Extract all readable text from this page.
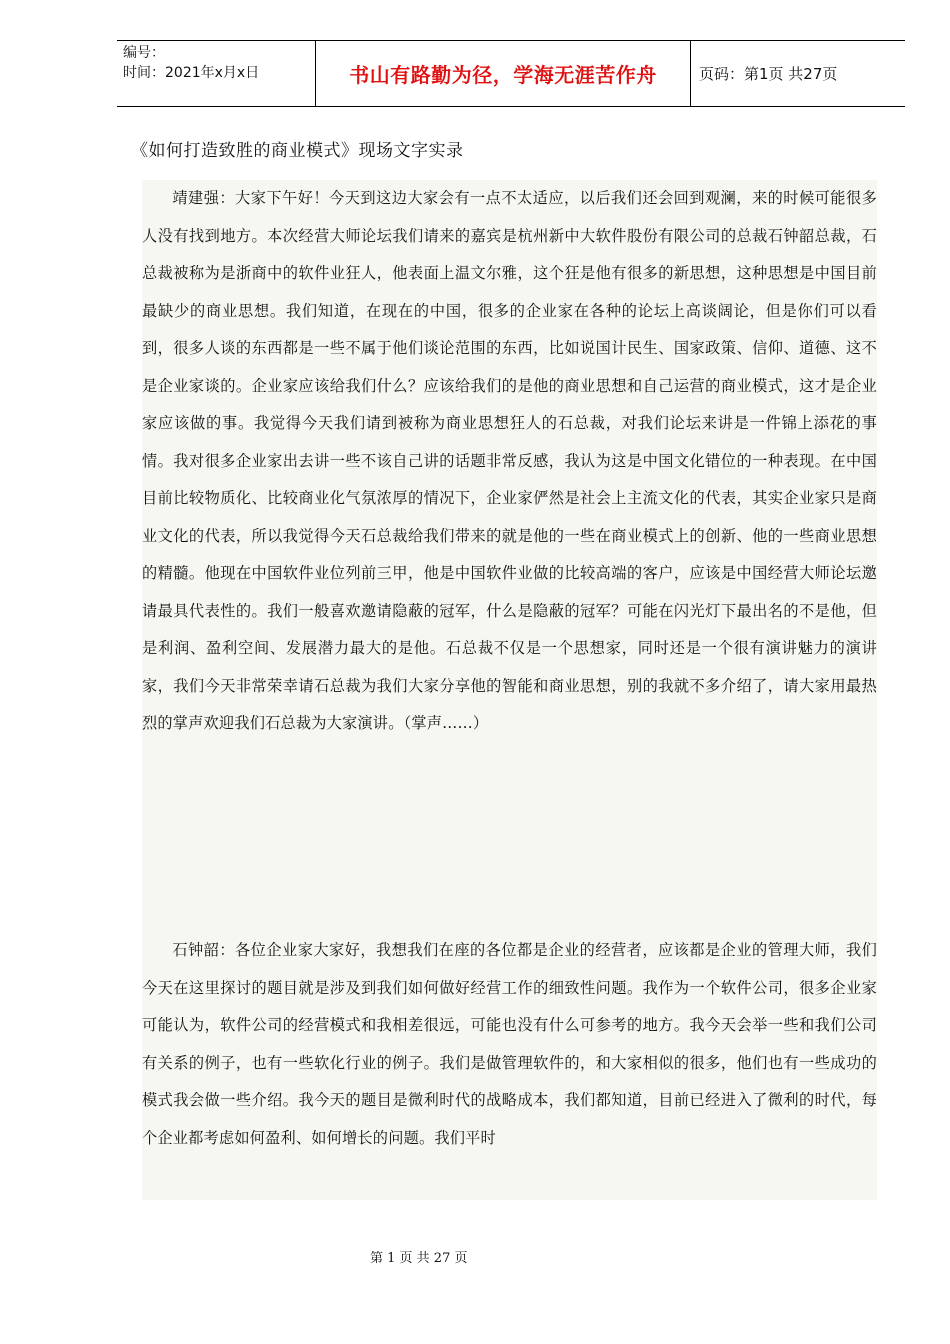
编号：
时间：2021年x月x日	书山有路勤为径，学海无涯苦作舟	页码：第1页 共27页
《如何打造致胜的商业模式》现场文字实录

靖建强：大家下午好！今天到这边大家会有一点不太适应，以后我们还会回到观澜，来的时候可能很多人没有找到地方。本次经营大师论坛我们请来的嘉宾是杭州新中大软件股份有限公司的总裁石钟韶总裁，石总裁被称为是浙商中的软件业狂人，他表面上温文尔雅，这个狂是他有很多的新思想，这种思想是中国目前最缺少的商业思想。我们知道，在现在的中国，很多的企业家在各种的论坛上高谈阔论，但是你们可以看到，很多人谈的东西都是一些不属于他们谈论范围的东西，比如说国计民生、国家政策、信仰、道德、这不是企业家谈的。企业家应该给我们什么？应该给我们的是他的商业思想和自己运营的商业模式，这才是企业家应该做的事。我觉得今天我们请到被称为商业思想狂人的石总裁，对我们论坛来讲是一件锦上添花的事情。我对很多企业家出去讲一些不该自己讲的话题非常反感，我认为这是中国文化错位的一种表现。在中国目前比较物质化、比较商业化气氛浓厚的情况下，企业家俨然是社会上主流文化的代表，其实企业家只是商业文化的代表，所以我觉得今天石总裁给我们带来的就是他的一些在商业模式上的创新、他的一些商业思想的精髓。他现在中国软件业位列前三甲，他是中国软件业做的比较高端的客户，应该是中国经营大师论坛邀请最具代表性的。我们一般喜欢邀请隐蔽的冠军，什么是隐蔽的冠军？可能在闪光灯下最出名的不是他，但是利润、盈利空间、发展潜力最大的是他。石总裁不仅是一个思想家，同时还是一个很有演讲魅力的演讲家，我们今天非常荣幸请石总裁为我们大家分享他的智能和商业思想，别的我就不多介绍了，请大家用最热烈的掌声欢迎我们石总裁为大家演讲。（掌声……）

石钟韶：各位企业家大家好，我想我们在座的各位都是企业的经营者，应该都是企业的管理大师，我们今天在这里探讨的题目就是涉及到我们如何做好经营工作的细致性问题。我作为一个软件公司，很多企业家可能认为，软件公司的经营模式和我相差很远，可能也没有什么可参考的地方。我今天会举一些和我们公司有关系的例子，也有一些软化行业的例子。我们是做管理软件的，和大家相似的很多，他们也有一些成功的模式我会做一些介绍。我今天的题目是微利时代的战略成本，我们都知道，目前已经进入了微利的时代，每个企业都考虑如何盈利、如何增长的问题。我们平时

第 1 页 共 27 页
